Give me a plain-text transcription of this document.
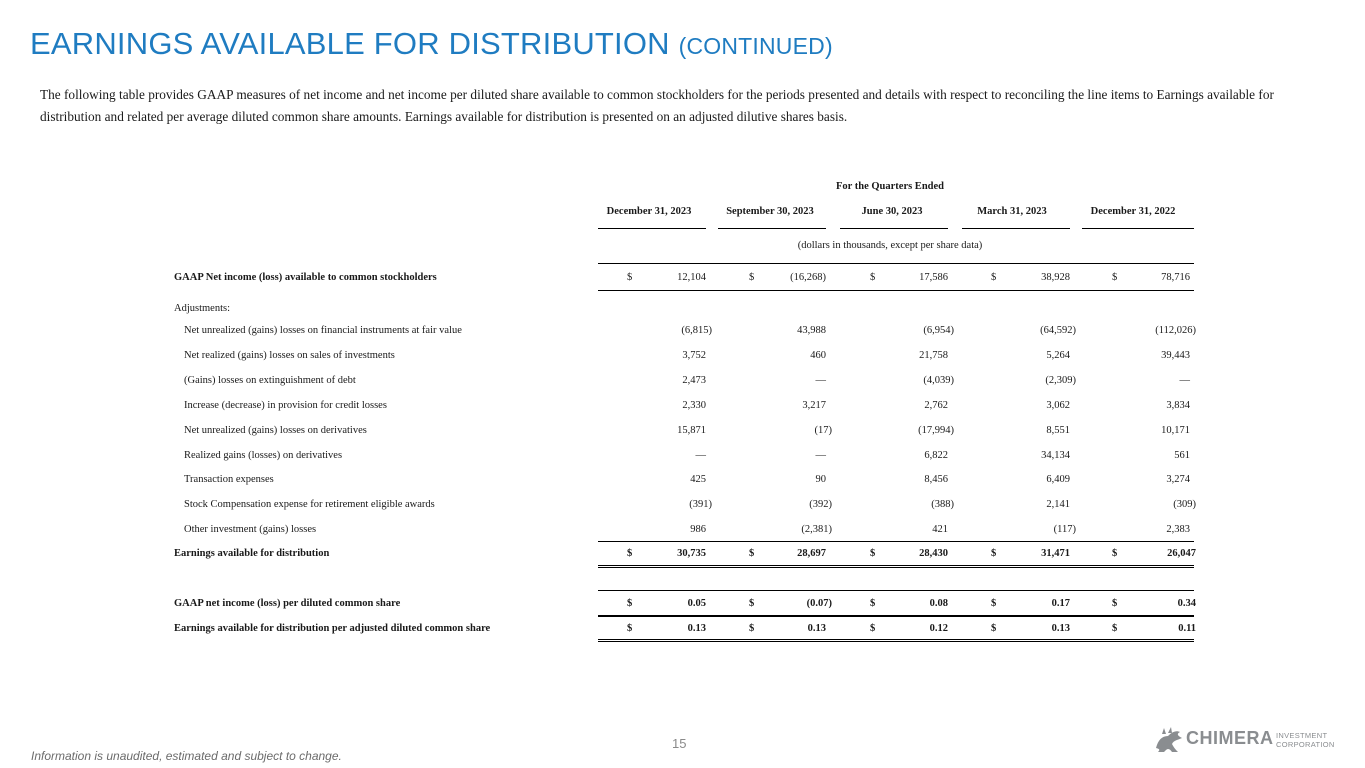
EARNINGS AVAILABLE FOR DISTRIBUTION (CONTINUED)
The following table provides GAAP measures of net income and net income per diluted share available to common stockholders for the periods presented and details with respect to reconciling the line items to Earnings available for distribution and related per average diluted common share amounts. Earnings available for distribution is presented on an adjusted dilutive shares basis.
For the Quarters Ended
December 31, 2023	September 30, 2023	June 30, 2023	March 31, 2023	December 31, 2022
(dollars in thousands, except per share data)
GAAP Net income (loss) available to common stockholders	$	12,104	$	(16,268)	$	17,586	$	38,928	$	78,716
Adjustments:
Net unrealized (gains) losses on financial instruments at fair value	(6,815)	43,988	(6,954)	(64,592)	(112,026)
Net realized (gains) losses on sales of investments	3,752	460	21,758	5,264	39,443
(Gains) losses on extinguishment of debt	2,473	—	(4,039)	(2,309)	—
Increase (decrease) in provision for credit losses	2,330	3,217	2,762	3,062	3,834
Net unrealized (gains) losses on derivatives	15,871	(17)	(17,994)	8,551	10,171
Realized gains (losses) on derivatives	—	—	6,822	34,134	561
Transaction expenses	425	90	8,456	6,409	3,274
Stock Compensation expense for retirement eligible awards	(391)	(392)	(388)	2,141	(309)
Other investment (gains) losses	986	(2,381)	421	(117)	2,383
Earnings available for distribution	$	30,735	$	28,697	$	28,430	$	31,471	$	26,047
GAAP net income (loss) per diluted common share	$	0.05	$	(0.07)	$	0.08	$	0.17	$	0.34
Earnings available for distribution per adjusted diluted common share	$	0.13	$	0.13	$	0.12	$	0.13	$	0.11
15
Information is unaudited, estimated and subject to change.
CHIMERA INVESTMENT
CORPORATION
